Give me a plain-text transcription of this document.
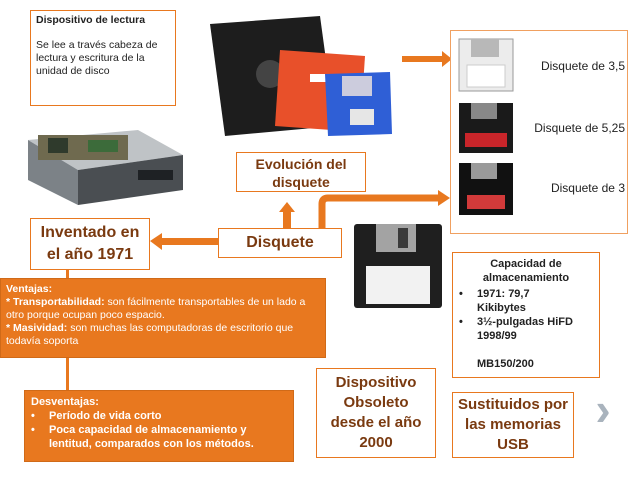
Dispositivo de lectura
Se lee a través cabeza de lectura y escritura de la unidad de disco	Disquete de 3,5
Disquete de 5,25
Disquete de 3
Evolución del disquete
Disquete
Inventado en el año 1971
Capacidad de almacenamiento
•	1971: 79,7 Kikibytes
•	3½-pulgadas HiFD 1998/99
MB150/200
Ventajas:
* Transportabilidad: son fácilmente transportables de un lado a otro porque ocupan poco espacio.
* Masividad: son muchas las computadoras de escritorio que todavía soporta
Desventajas:
•	Período de vida corto
•	Poca capacidad de almacenamiento y lentitud, comparados con los métodos.
Dispositivo Obsoleto desde el año 2000
Sustituidos por las memorias USB
›
